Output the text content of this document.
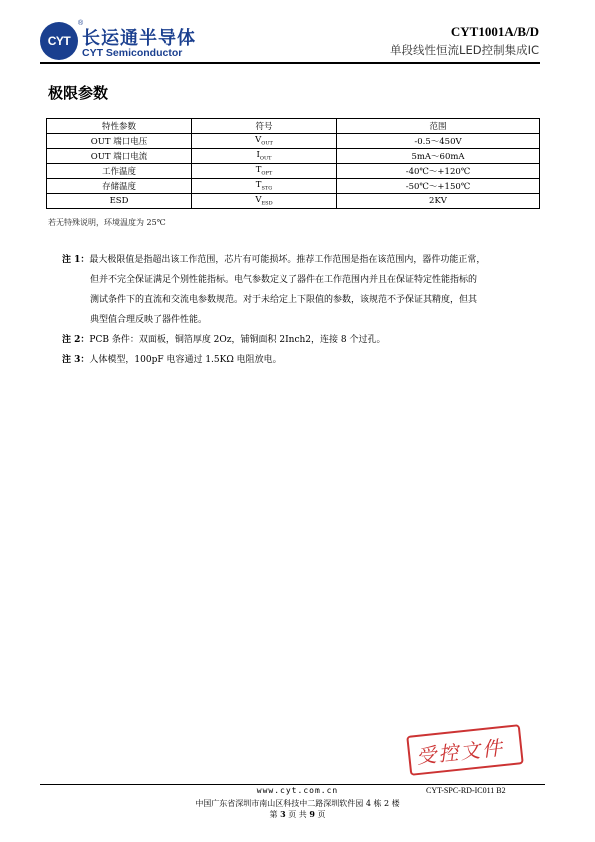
CYT
®
长运通半导体
CYT Semiconductor
CYT1001A/B/D
单段线性恒流LED控制集成IC
极限参数
特性参数	符号	范围
OUT 端口电压	$V_{OUT}$	-0.5～450V
OUT 端口电流	$I_{OUT}$	5mA～60mA
工作温度	$T_{OPT}$	-40℃～+120℃
存储温度	$T_{STG}$	-50℃～+150℃
ESD	$V_{ESD}$	2KV
若无特殊说明，环境温度为 25℃

注 1：最大极限值是指超出该工作范围，芯片有可能损坏。推荐工作范围是指在该范围内，器件功能正常，
但并不完全保证满足个别性能指标。电气参数定义了器件在工作范围内并且在保证特定性能指标的
测试条件下的直流和交流电参数规范。对于未给定上下限值的参数，该规范不予保证其精度，但其
典型值合理反映了器件性能。

注 2：PCB 条件：双面板，铜箔厚度 2Oz，铺铜面积 2Inch2，连接 8 个过孔。

注 3：人体模型，100pF 电容通过 1.5KΩ 电阻放电。

受控文件
www.cyt.com.cn	CYT-SPC-RD-IC011 B2
中国广东省深圳市南山区科技中二路深圳软件园 4 栋 2 楼
第 3 页 共 9 页
